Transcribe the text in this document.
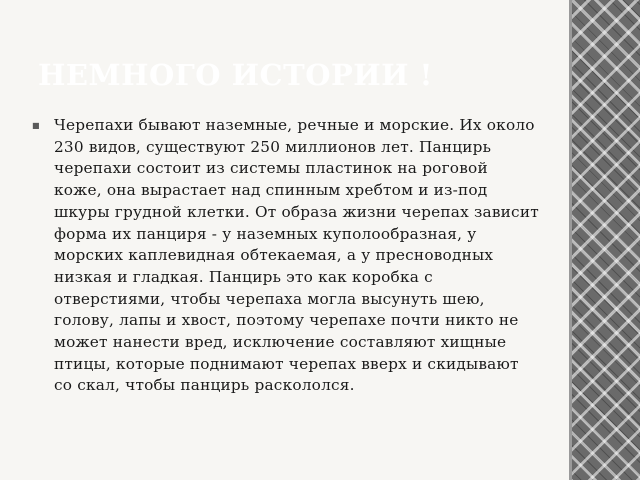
НЕМНОГО ИСТОРИИ !
■ Черепахи бывают наземные, речные и морские. Их около 230 видов, существуют 250 миллионов лет. Панцирь черепахи состоит из системы пластинок на роговой коже, она вырастает над спинным хребтом и из-под шкуры грудной клетки. От образа жизни черепах зависит форма их панциря - у наземных куполообразная, у морских каплевидная обтекаемая, а у пресноводных низкая и гладкая. Панцирь это как коробка с отверстиями, чтобы черепаха могла высунуть шею, голову, лапы и хвост, поэтому черепахе почти никто не может нанести вред, исключение составляют хищные птицы, которые поднимают черепах вверх и скидывают со скал, чтобы панцирь раскололся.
